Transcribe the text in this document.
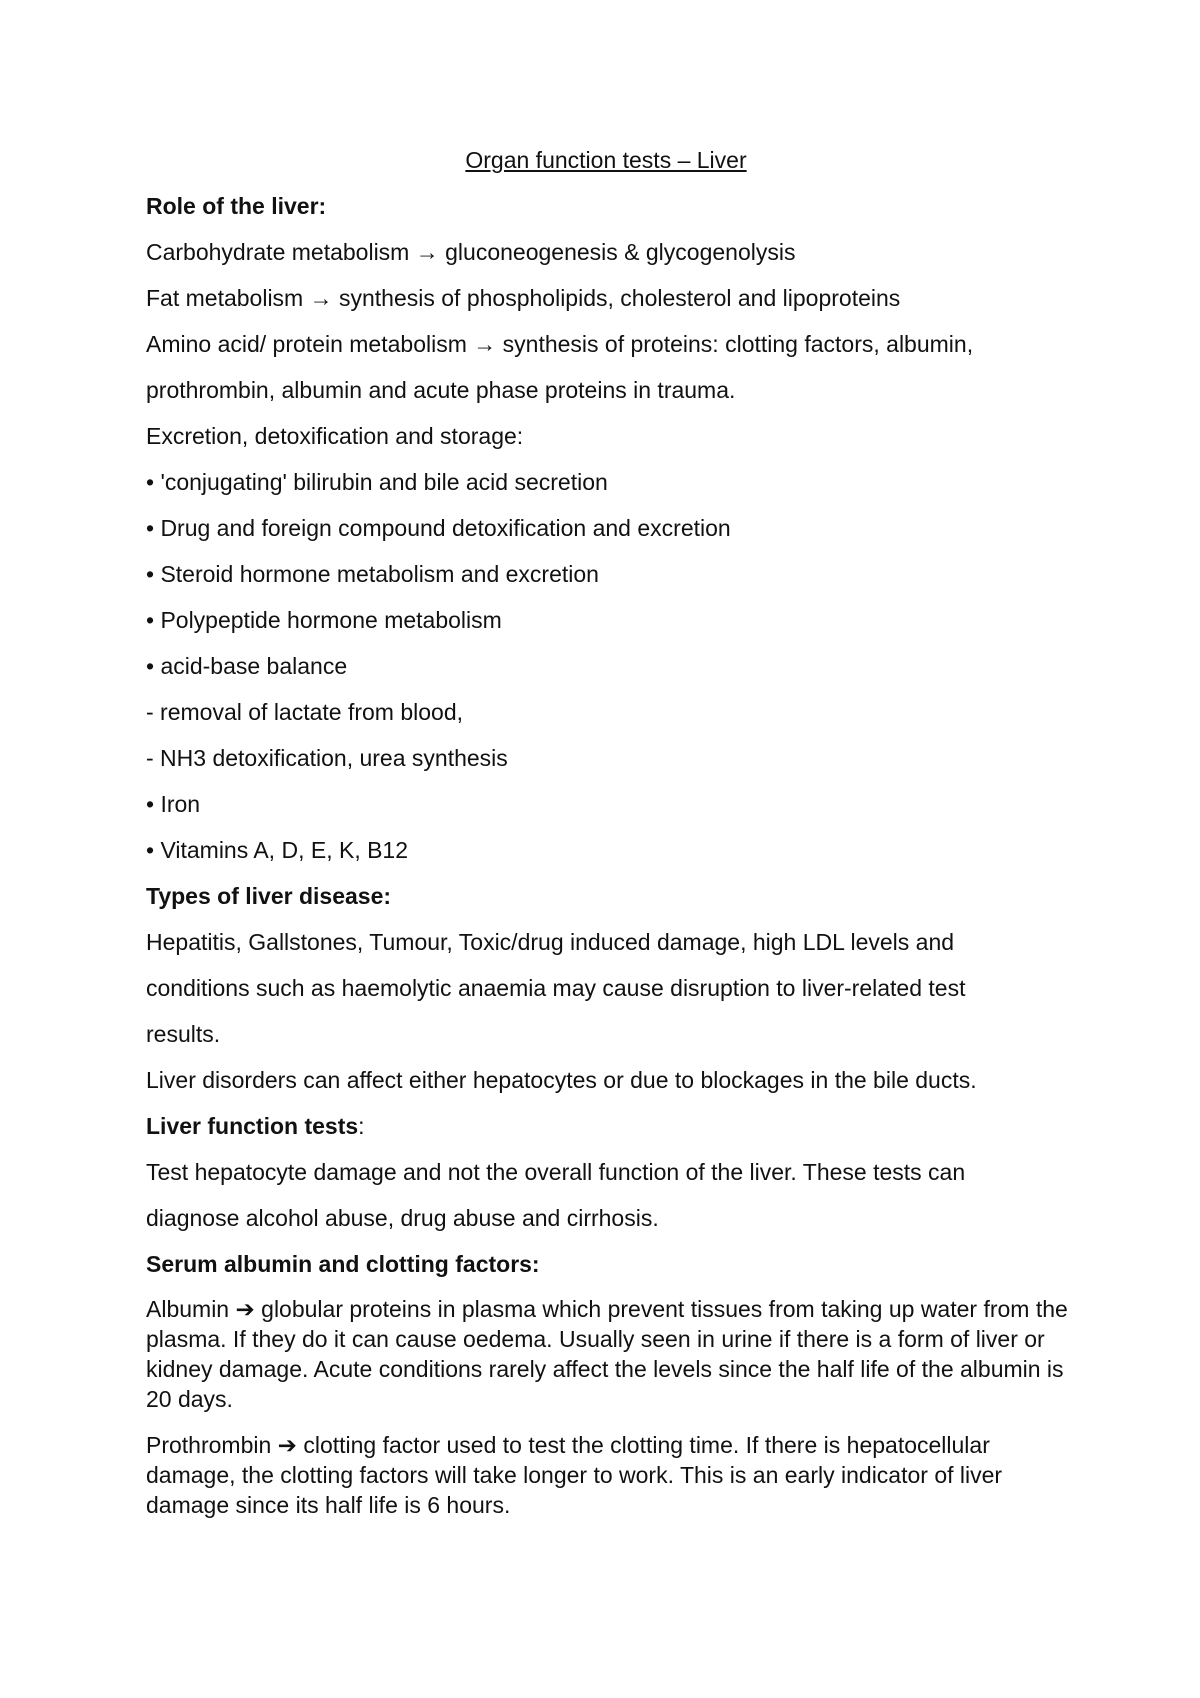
Organ function tests – Liver
Role of the liver:
Carbohydrate metabolism → gluconeogenesis & glycogenolysis
Fat metabolism → synthesis of phospholipids, cholesterol and lipoproteins
Amino acid/ protein metabolism → synthesis of proteins: clotting factors, albumin,
prothrombin, albumin and acute phase proteins in trauma.
Excretion, detoxification and storage:
• 'conjugating' bilirubin and bile acid secretion
• Drug and foreign compound detoxification and excretion
• Steroid hormone metabolism and excretion
• Polypeptide hormone metabolism
• acid-base balance
- removal of lactate from blood,
- NH3 detoxification, urea synthesis
• Iron
• Vitamins A, D, E, K, B12
Types of liver disease:
Hepatitis, Gallstones, Tumour, Toxic/drug induced damage, high LDL levels and
conditions such as haemolytic anaemia may cause disruption to liver-related test
results.
Liver disorders can affect either hepatocytes or due to blockages in the bile ducts.
Liver function tests:
Test hepatocyte damage and not the overall function of the liver. These tests can
diagnose alcohol abuse, drug abuse and cirrhosis.
Serum albumin and clotting factors:
Albumin ➔ globular proteins in plasma which prevent tissues from taking up water from the plasma. If they do it can cause oedema. Usually seen in urine if there is a form of liver or kidney damage. Acute conditions rarely affect the levels since the half life of the albumin is 20 days.
Prothrombin ➔ clotting factor used to test the clotting time. If there is hepatocellular damage, the clotting factors will take longer to work. This is an early indicator of liver damage since its half life is 6 hours.
